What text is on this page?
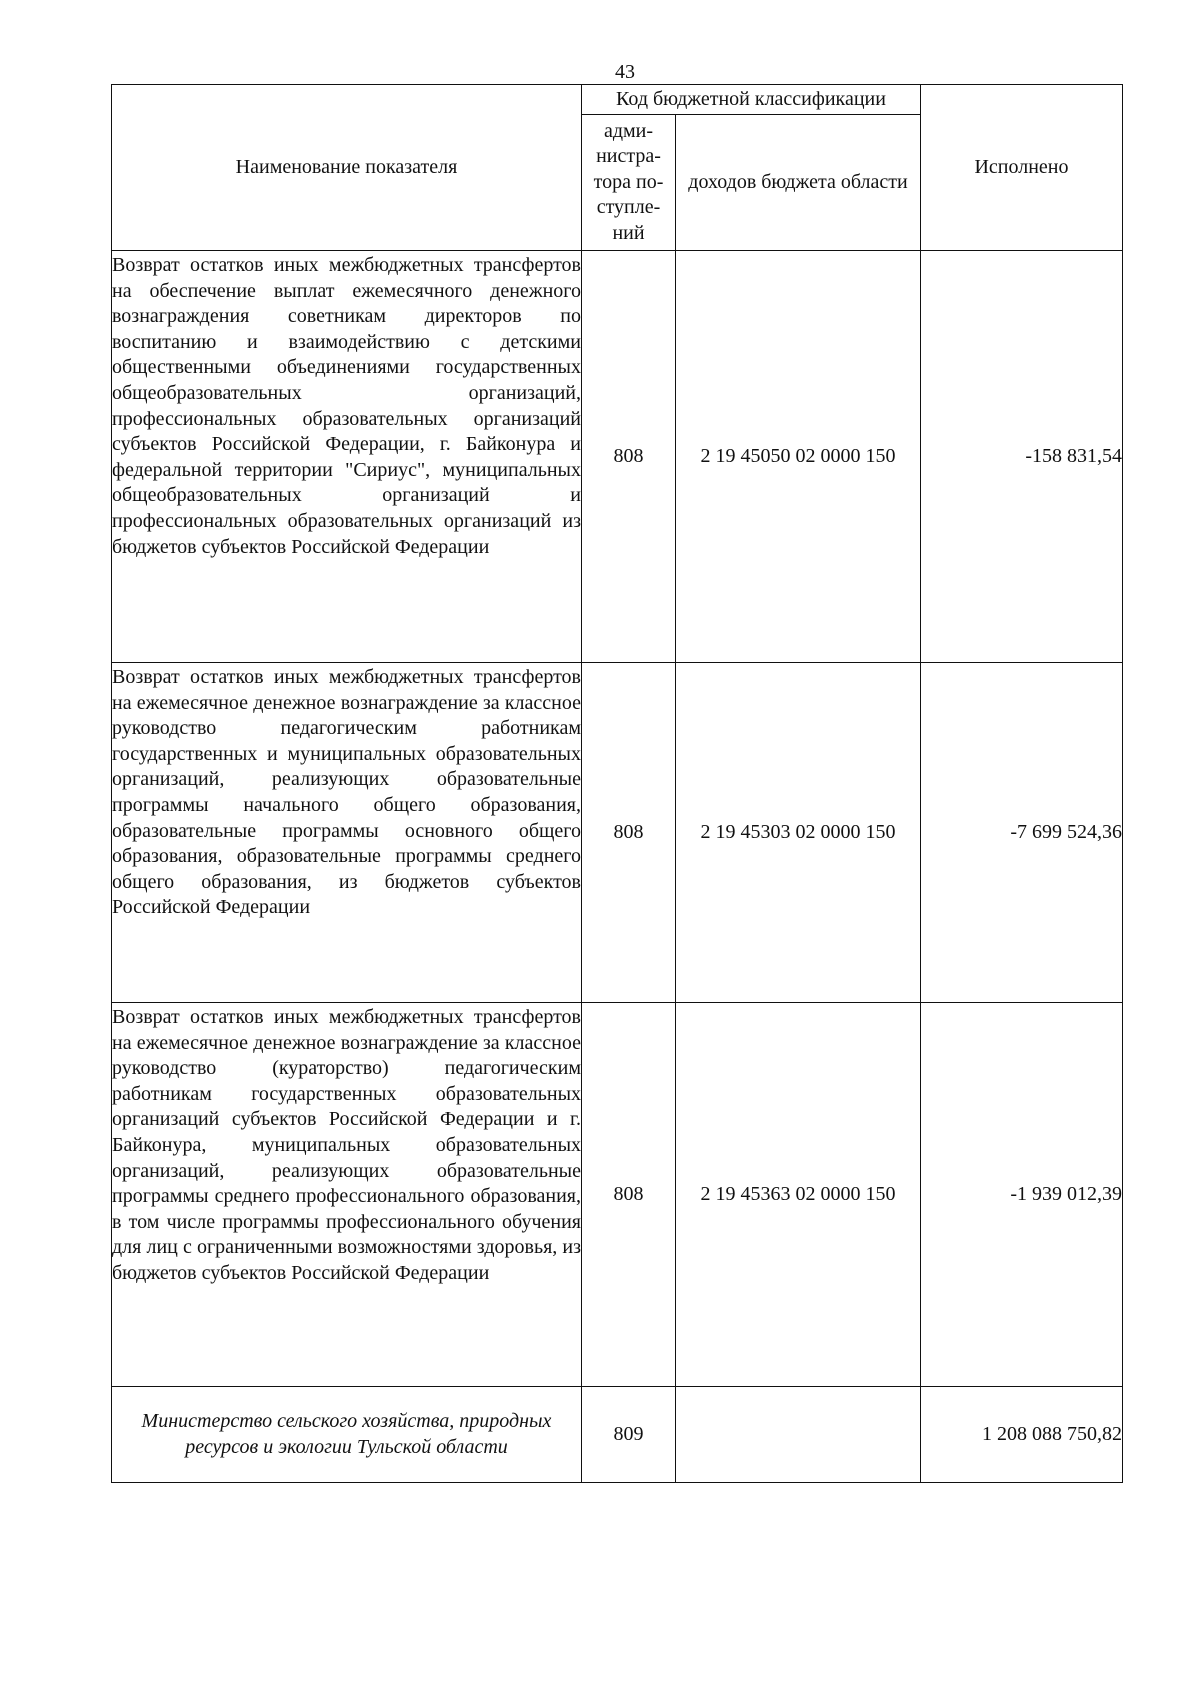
43
Наименование показателя	Код бюджетной классификации		Исполнено
	адми-нистра-тора по-ступле-ний	доходов бюджета области	
Возврат остатков иных межбюджетных трансфертов на обеспечение выплат ежемесячного денежного вознаграждения советникам директоров по воспитанию и взаимодействию с детскими общественными объединениями государственных общеобразовательных организаций, профессиональных образовательных организаций субъектов Российской Федерации, г. Байконура и федеральной территории "Сириус", муниципальных общеобразовательных организаций и профессиональных образовательных организаций из бюджетов субъектов Российской Федерации	808	2 19 45050 02 0000 150	-158 831,54
Возврат остатков иных межбюджетных трансфертов на ежемесячное денежное вознаграждение за классное руководство педагогическим работникам государственных и муниципальных образовательных организаций, реализующих образовательные программы начального общего образования, образовательные программы основного общего образования, образовательные программы среднего общего образования, из бюджетов субъектов Российской Федерации	808	2 19 45303 02 0000 150	-7 699 524,36
Возврат остатков иных межбюджетных трансфертов на ежемесячное денежное вознаграждение за классное руководство (кураторство) педагогическим работникам государственных образовательных организаций субъектов Российской Федерации и г. Байконура, муниципальных образовательных организаций, реализующих образовательные программы среднего профессионального образования, в том числе программы профессионального обучения для лиц с ограниченными возможностями здоровья, из бюджетов субъектов Российской Федерации	808	2 19 45363 02 0000 150	-1 939 012,39
Министерство сельского хозяйства, природных ресурсов и экологии Тульской области	809		1 208 088 750,82
